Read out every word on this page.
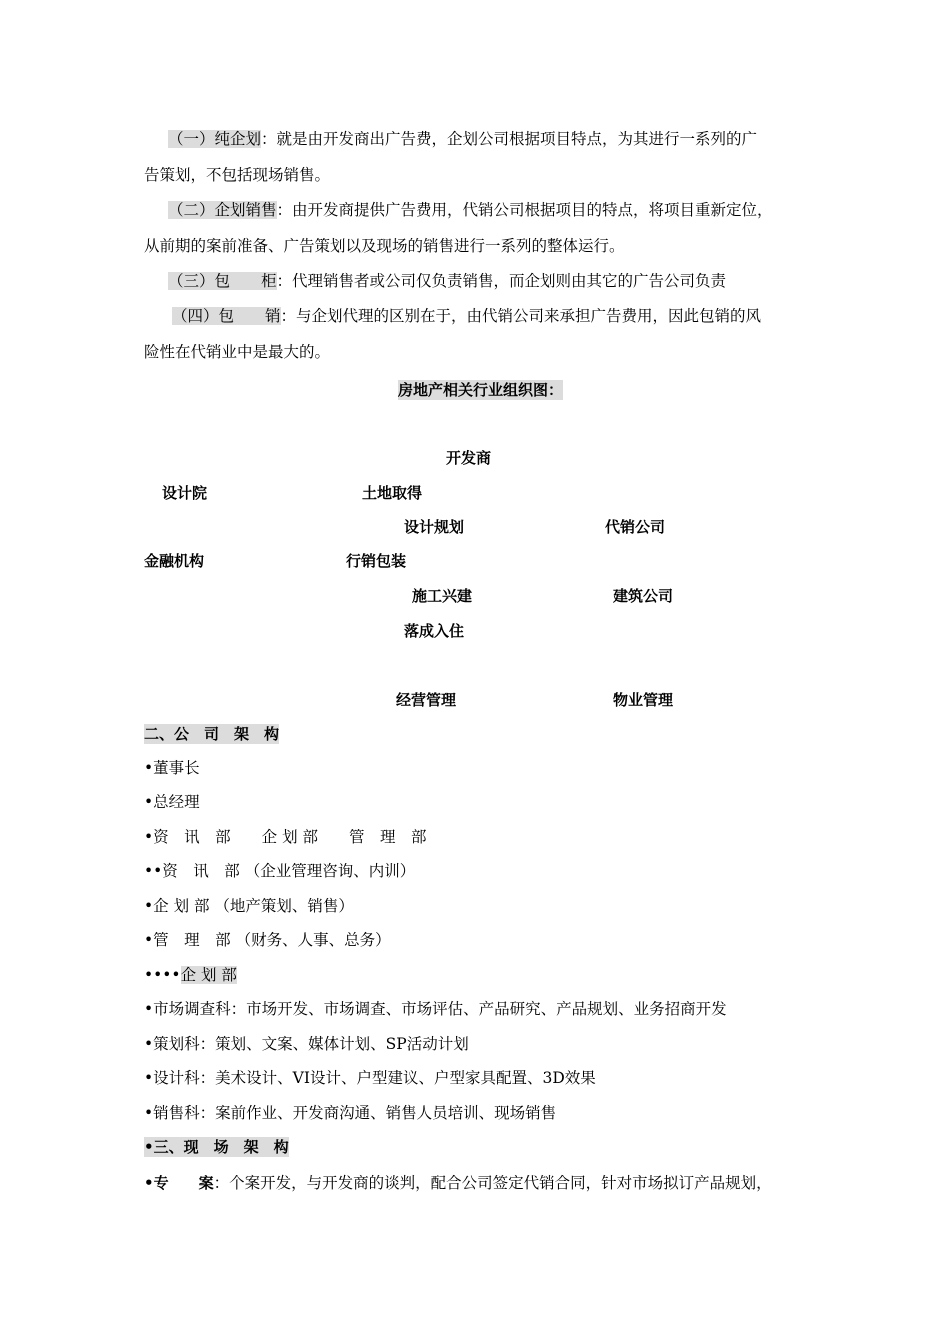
（一）纯企划：就是由开发商出广告费，企划公司根据项目特点，为其进行一系列的广
告策划，不包括现场销售。
（二）企划销售：由开发商提供广告费用，代销公司根据项目的特点，将项目重新定位，
从前期的案前准备、广告策划以及现场的销售进行一系列的整体运行。
（三）包　　柜：代理销售者或公司仅负责销售，而企划则由其它的广告公司负责
（四）包　　销：与企划代理的区别在于，由代销公司来承担广告费用，因此包销的风
险性在代销业中是最大的。
房地产相关行业组织图：
开发商
设计院	土地取得
设计规划	代销公司
金融机构	行销包装
施工兴建	建筑公司
落成入住
经营管理	物业管理
二、公　司　架　构
•董事长
•总经理
•资　讯　部　　企 划 部　　管　理　部
••资　讯　部 （企业管理咨询、内训）
•企 划 部 （地产策划、销售）
•管　理　部 （财务、人事、总务）
••••企 划 部
•市场调查科：市场开发、市场调查、市场评估、产品研究、产品规划、业务招商开发
•策划科：策划、文案、媒体计划、SP活动计划
•设计科：美术设计、VI设计、户型建议、户型家具配置、3D效果
•销售科：案前作业、开发商沟通、销售人员培训、现场销售
•三、现　场　架　构
•专　　案：个案开发，与开发商的谈判，配合公司签定代销合同，针对市场拟订产品规划，
